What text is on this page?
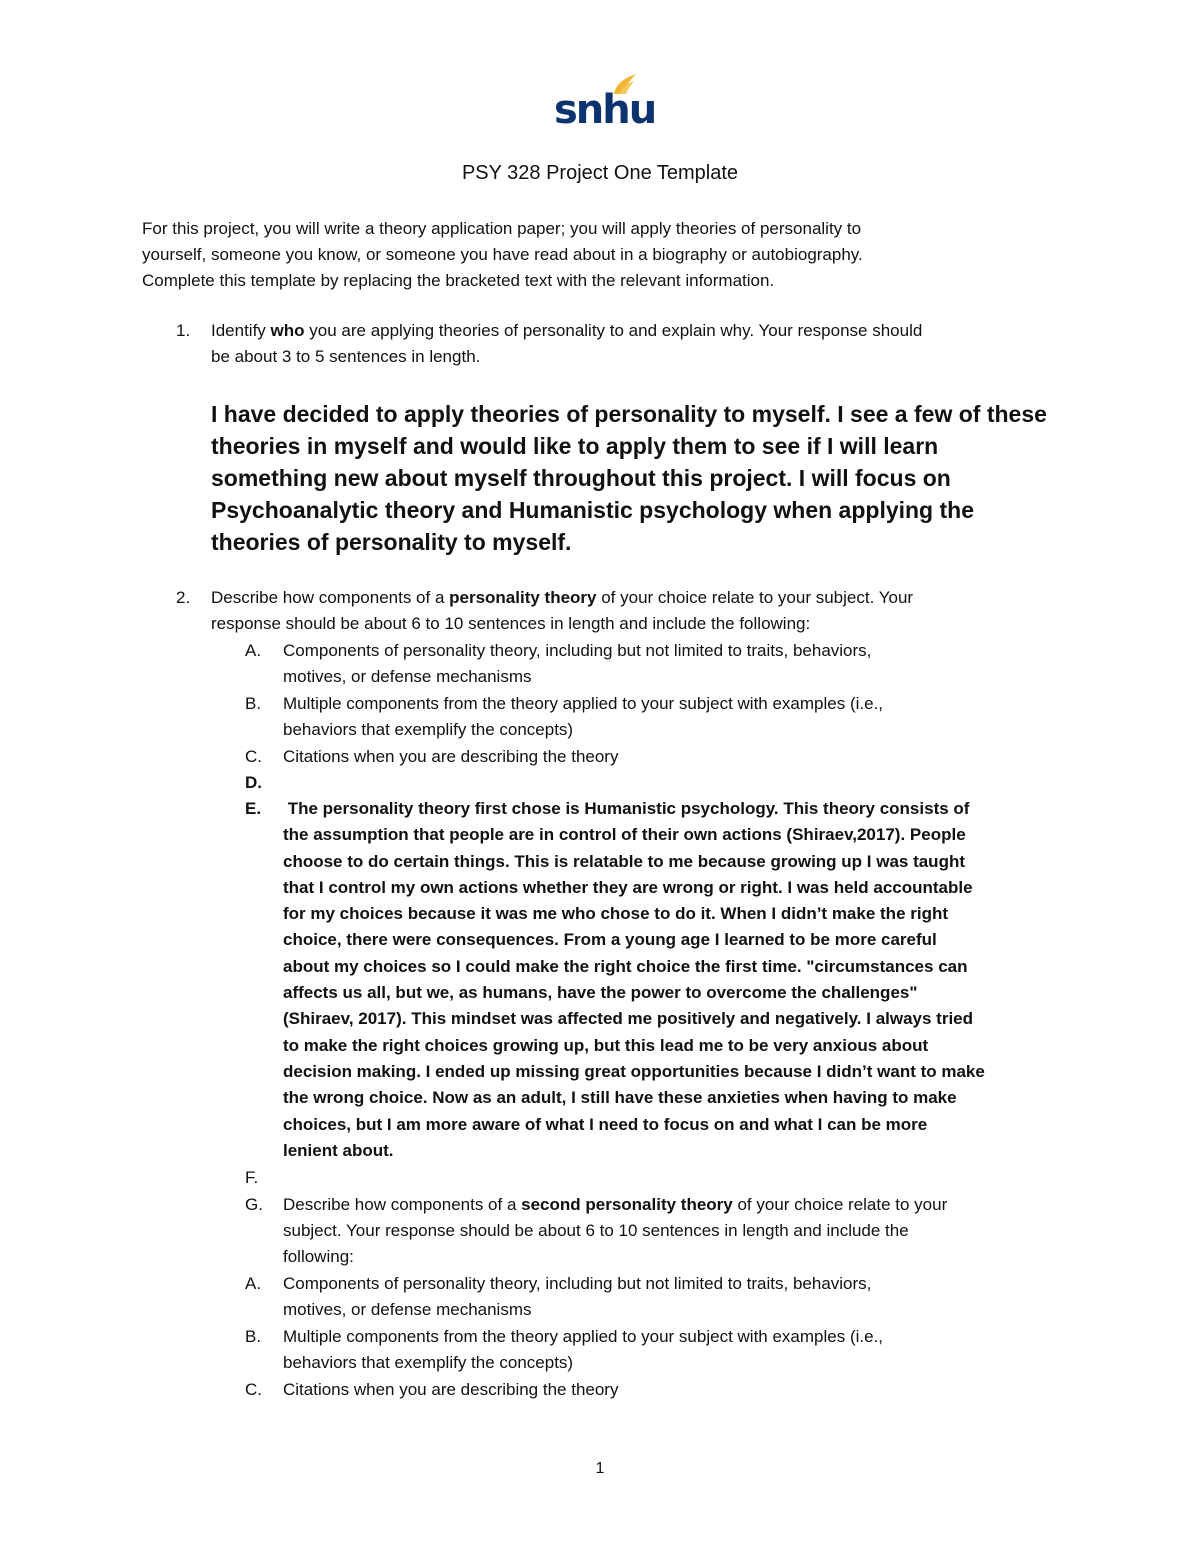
snhu
PSY 328 Project One Template

For this project, you will write a theory application paper; you will apply theories of personality to

yourself, someone you know, or someone you have read about in a biography or autobiography.

Complete this template by replacing the bracketed text with the relevant information.

1. Identify who you are applying theories of personality to and explain why. Your response should
be about 3 to 5 sentences in length.
I have decided to apply theories of personality to myself. I see a few of these
theories in myself and would like to apply them to see if I will learn
something new about myself throughout this project. I will focus on
Psychoanalytic theory and Humanistic psychology when applying the
theories of personality to myself.
2. Describe how components of a personality theory of your choice relate to your subject. Your
response should be about 6 to 10 sentences in length and include the following:
A. Components of personality theory, including but not limited to traits, behaviors,
motives, or defense mechanisms
B. Multiple components from the theory applied to your subject with examples (i.e.,
behaviors that exemplify the concepts)
C. Citations when you are describing the theory
D.
E. The personality theory first chose is Humanistic psychology. This theory consists of
the assumption that people are in control of their own actions (Shiraev,2017). People
choose to do certain things. This is relatable to me because growing up I was taught
that I control my own actions whether they are wrong or right. I was held accountable
for my choices because it was me who chose to do it. When I didn’t make the right
choice, there were consequences. From a young age I learned to be more careful
about my choices so I could make the right choice the first time. "circumstances can
affects us all, but we, as humans, have the power to overcome the challenges"
(Shiraev, 2017). This mindset was affected me positively and negatively. I always tried
to make the right choices growing up, but this lead me to be very anxious about
decision making. I ended up missing great opportunities because I didn’t want to make
the wrong choice. Now as an adult, I still have these anxieties when having to make
choices, but I am more aware of what I need to focus on and what I can be more
lenient about.
F.
G. Describe how components of a second personality theory of your choice relate to your
subject. Your response should be about 6 to 10 sentences in length and include the
following:
A. Components of personality theory, including but not limited to traits, behaviors,
motives, or defense mechanisms
B. Multiple components from the theory applied to your subject with examples (i.e.,
behaviors that exemplify the concepts)
C. Citations when you are describing the theory
1
